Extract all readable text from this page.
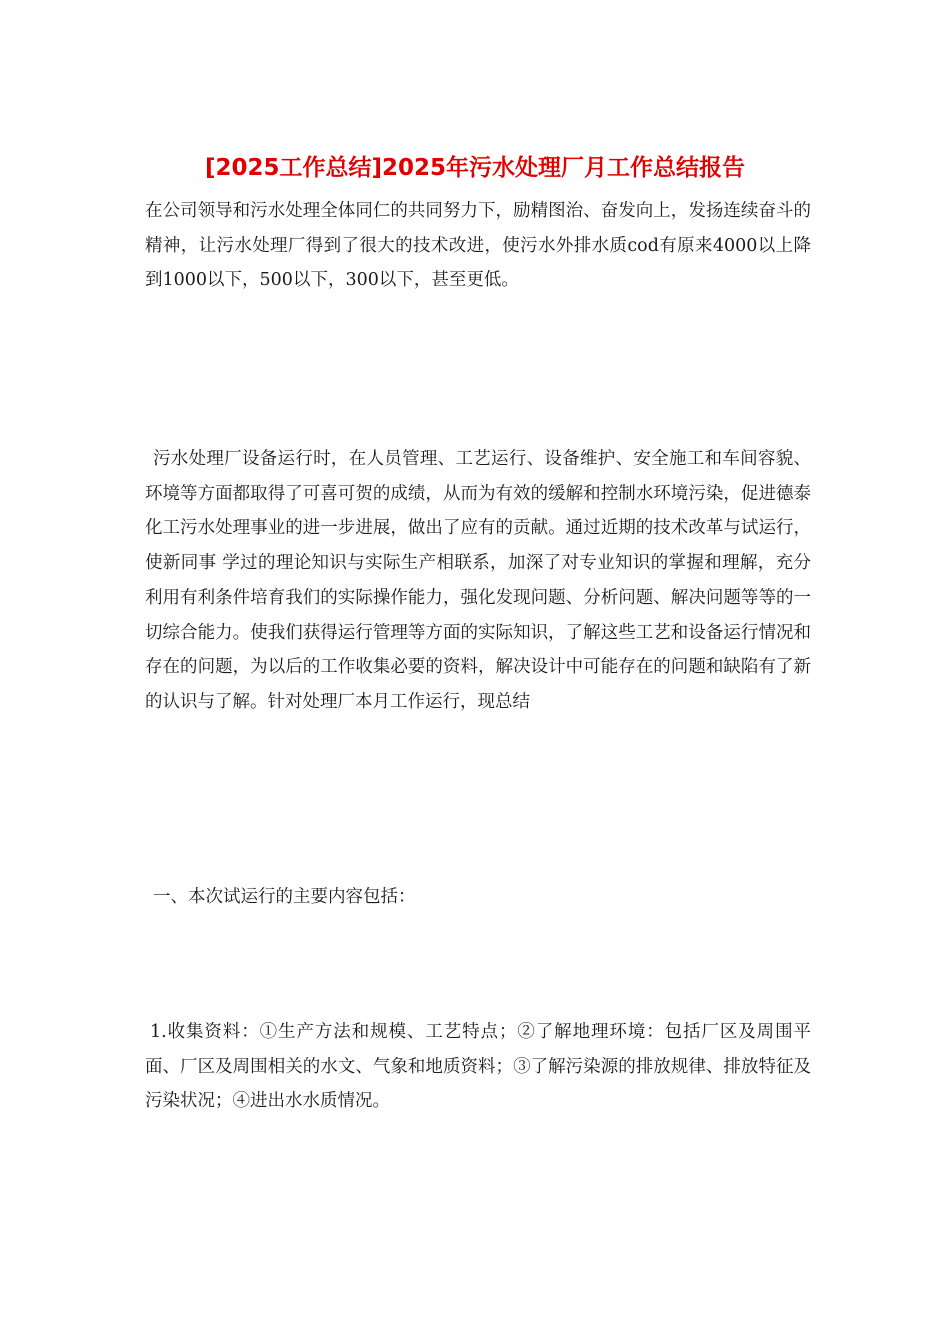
[2025工作总结]2025年污水处理厂月工作总结报告

在公司领导和污水处理全体同仁的共同努力下，励精图治、奋发向上，发扬连续奋斗的精神，让污水处理厂得到了很大的技术改进，使污水外排水质cod有原来4000以上降到1000以下，500以下，300以下，甚至更低。

污水处理厂设备运行时，在人员管理、工艺运行、设备维护、安全施工和车间容貌、环境等方面都取得了可喜可贺的成绩，从而为有效的缓解和控制水环境污染，促进德泰化工污水处理事业的进一步进展，做出了应有的贡献。通过近期的技术改革与试运行，使新同事 学过的理论知识与实际生产相联系，加深了对专业知识的掌握和理解，充分利用有利条件培育我们的实际操作能力，强化发现问题、分析问题、解决问题等等的一切综合能力。使我们获得运行管理等方面的实际知识，了解这些工艺和设备运行情况和存在的问题，为以后的工作收集必要的资料，解决设计中可能存在的问题和缺陷有了新的认识与了解。针对处理厂本月工作运行，现总结

一、本次试运行的主要内容包括：

1.收集资料：①生产方法和规模、工艺特点；②了解地理环境：包括厂区及周围平面、厂区及周围相关的水文、气象和地质资料；③了解污染源的排放规律、排放特征及污染状况；④进出水水质情况。
